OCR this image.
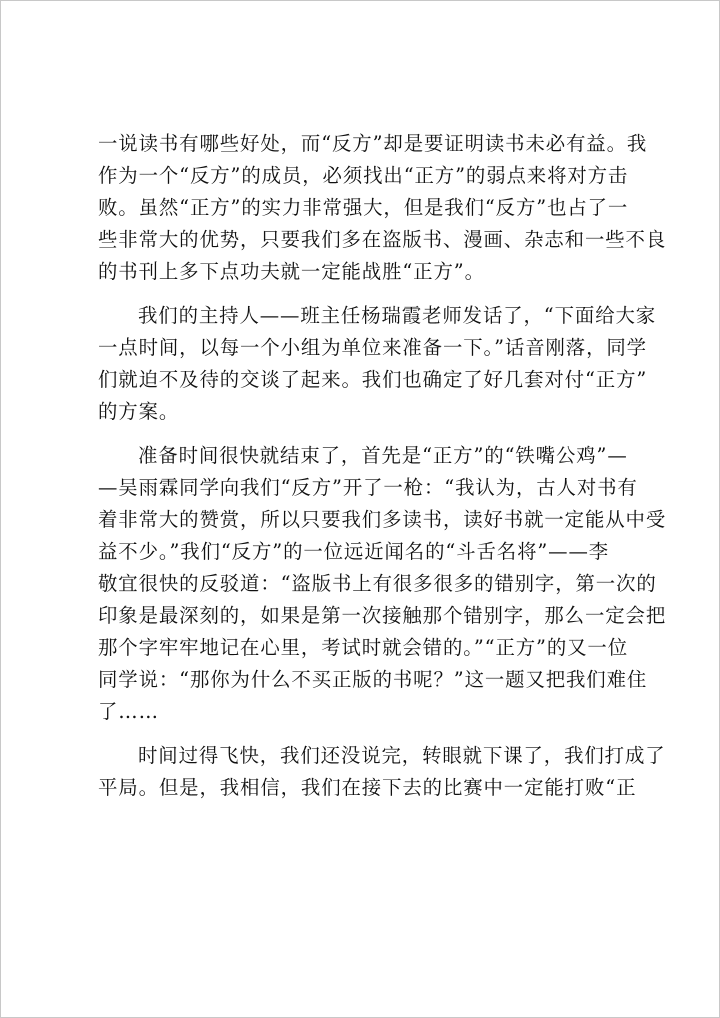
一说读书有哪些好处，而“反方”却是要证明读书未必有益。我
作为一个“反方”的成员，必须找出“正方”的弱点来将对方击
败。虽然“正方”的实力非常强大，但是我们“反方”也占了一
些非常大的优势，只要我们多在盗版书、漫画、杂志和一些不良
的书刊上多下点功夫就一定能战胜“正方”。
我们的主持人——班主任杨瑞霞老师发话了，“下面给大家
一点时间，以每一个小组为单位来准备一下。”话音刚落，同学
们就迫不及待的交谈了起来。我们也确定了好几套对付“正方”
的方案。
准备时间很快就结束了，首先是“正方”的“铁嘴公鸡”—
—吴雨霖同学向我们“反方”开了一枪：“我认为，古人对书有
着非常大的赞赏，所以只要我们多读书，读好书就一定能从中受
益不少。”我们“反方”的一位远近闻名的“斗舌名将”——李
敬宜很快的反驳道：“盗版书上有很多很多的错别字，第一次的
印象是最深刻的，如果是第一次接触那个错别字，那么一定会把
那个字牢牢地记在心里，考试时就会错的。”“正方”的又一位
同学说：“那你为什么不买正版的书呢？”这一题又把我们难住
了……
时间过得飞快，我们还没说完，转眼就下课了，我们打成了
平局。但是，我相信，我们在接下去的比赛中一定能打败“正
